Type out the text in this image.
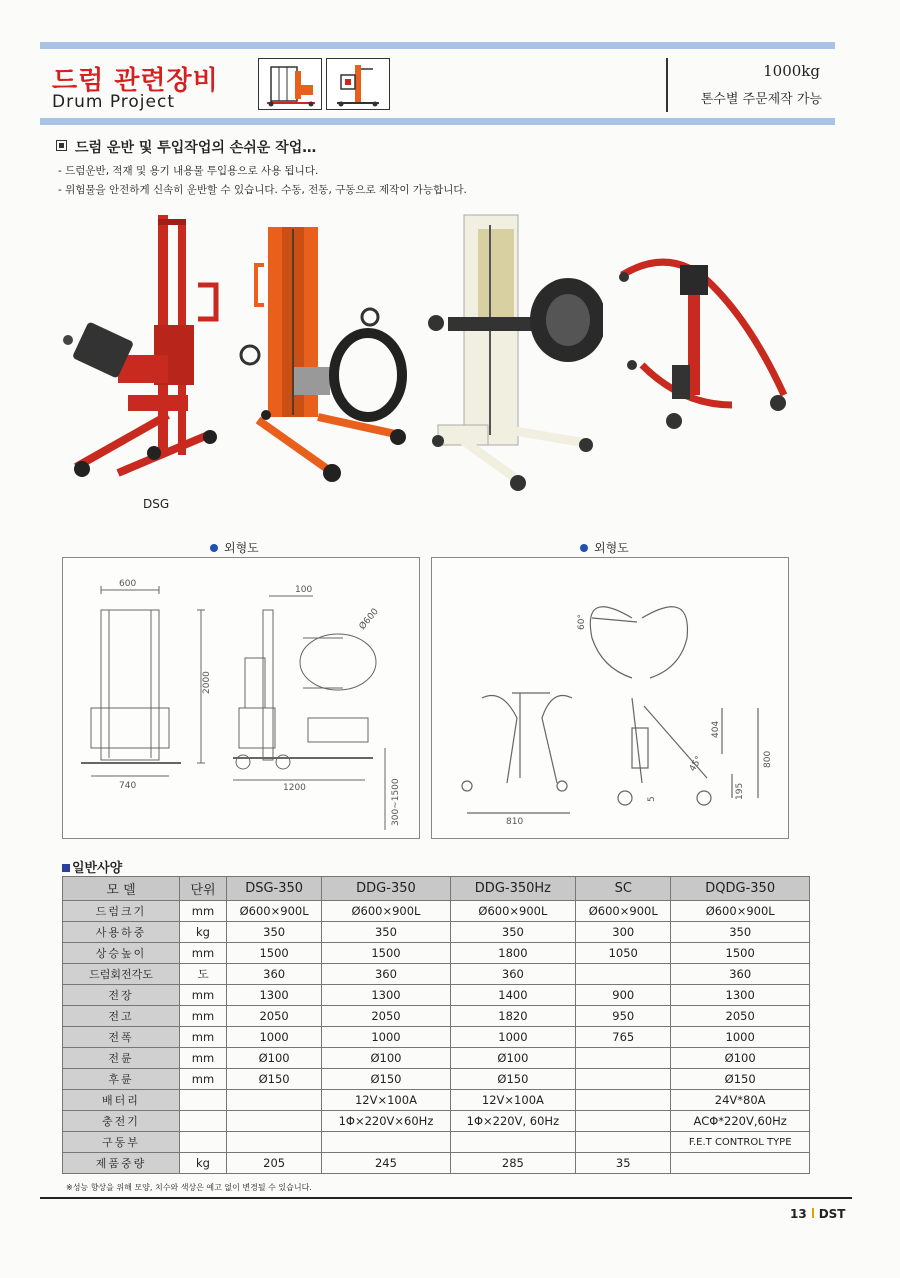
드럼 관련장비
Drum Project
1000kg
톤수별 주문제작 가능
드럼 운반 및 투입작업의 손쉬운 작업…
- 드럼운반, 적재 및 용기 내용물 투입용으로 사용 됩니다.
- 위험물을 안전하게 신속히 운반할 수 있습니다. 수동, 전동, 구동으로 제작이 가능합니다.
DSG
외형도	외형도
600
100
Ø600
2000
740	1200	300~1500
60°
810
404
45°	800
195
5
일반사양
모 델	단위	DSG-350	DDG-350	DDG-350Hz	SC	DQDG-350
드럼크기	mm	Ø600×900L	Ø600×900L	Ø600×900L	Ø600×900L	Ø600×900L
사용하중	kg	350	350	350	300	350
상승높이	mm	1500	1500	1800	1050	1500
드럼회전각도	도	360	360	360		360
전장	mm	1300	1300	1400	900	1300
전고	mm	2050	2050	1820	950	2050
전폭	mm	1000	1000	1000	765	1000
전륜	mm	Ø100	Ø100	Ø100		Ø100
후륜	mm	Ø150	Ø150	Ø150		Ø150
배터리			12V×100A	12V×100A		24V*80A
충전기			1Φ×220V×60Hz	1Φ×220V, 60Hz		ACΦ*220V,60Hz
구동부						F.E.T CONTROL TYPE
제품중량	kg	205	245	285	35	
※성능 향상을 위해 모양, 치수와 색상은 예고 없이 변경될 수 있습니다.
13 DST
